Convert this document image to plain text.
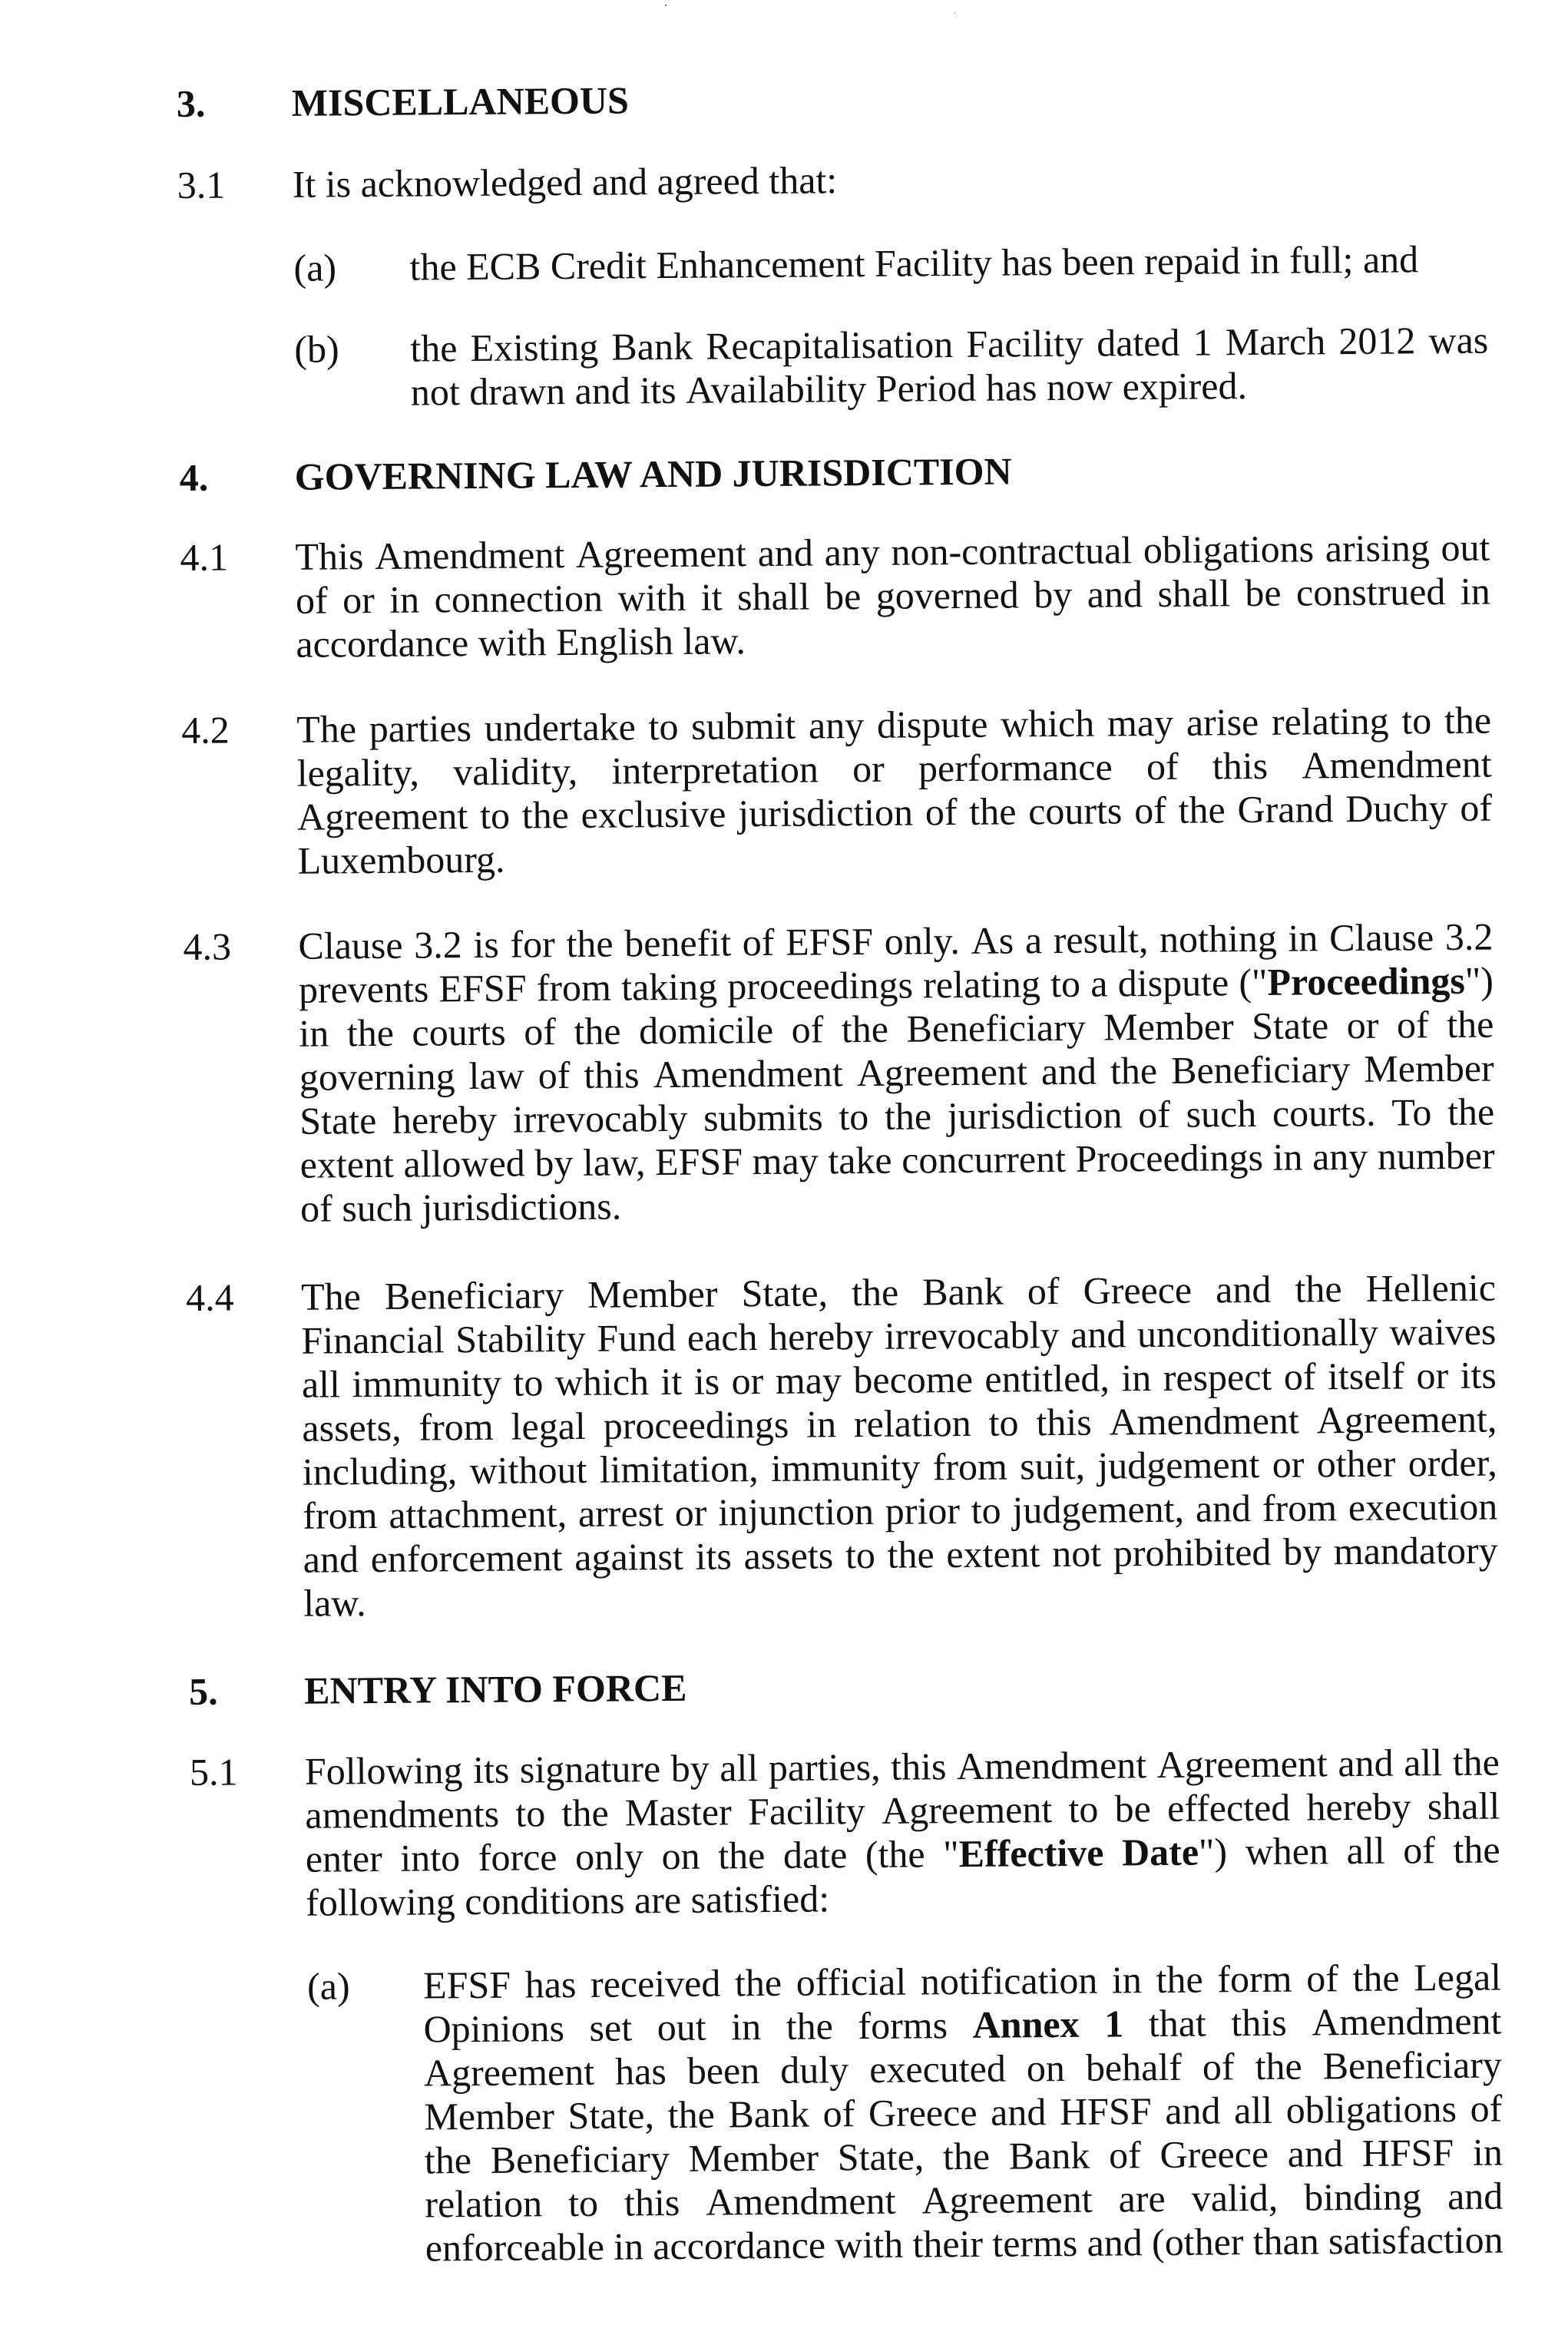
3. MISCELLANEOUS
3.1 It is acknowledged and agreed that:
(a) the ECB Credit Enhancement Facility has been repaid in full; and
(b) the Existing Bank Recapitalisation Facility dated 1 March 2012 was
not drawn and its Availability Period has now expired.
4. GOVERNING LAW AND JURISDICTION
4.1 This Amendment Agreement and any non-contractual obligations arising out
of or in connection with it shall be governed by and shall be construed in
accordance with English law.
4.2 The parties undertake to submit any dispute which may arise relating to the
legality, validity, interpretation or performance of this Amendment
Agreement to the exclusive jurisdiction of the courts of the Grand Duchy of
Luxembourg.
4.3 Clause 3.2 is for the benefit of EFSF only. As a result, nothing in Clause 3.2
prevents EFSF from taking proceedings relating to a dispute ("Proceedings")
in the courts of the domicile of the Beneficiary Member State or of the
governing law of this Amendment Agreement and the Beneficiary Member
State hereby irrevocably submits to the jurisdiction of such courts. To the
extent allowed by law, EFSF may take concurrent Proceedings in any number
of such jurisdictions.
4.4 The Beneficiary Member State, the Bank of Greece and the Hellenic
Financial Stability Fund each hereby irrevocably and unconditionally waives
all immunity to which it is or may become entitled, in respect of itself or its
assets, from legal proceedings in relation to this Amendment Agreement,
including, without limitation, immunity from suit, judgement or other order,
from attachment, arrest or injunction prior to judgement, and from execution
and enforcement against its assets to the extent not prohibited by mandatory
law.
5. ENTRY INTO FORCE
5.1 Following its signature by all parties, this Amendment Agreement and all the
amendments to the Master Facility Agreement to be effected hereby shall
enter into force only on the date (the "Effective Date") when all of the
following conditions are satisfied:
(a) EFSF has received the official notification in the form of the Legal
Opinions set out in the forms Annex 1 that this Amendment
Agreement has been duly executed on behalf of the Beneficiary
Member State, the Bank of Greece and HFSF and all obligations of
the Beneficiary Member State, the Bank of Greece and HFSF in
relation to this Amendment Agreement are valid, binding and
enforceable in accordance with their terms and (other than satisfaction
